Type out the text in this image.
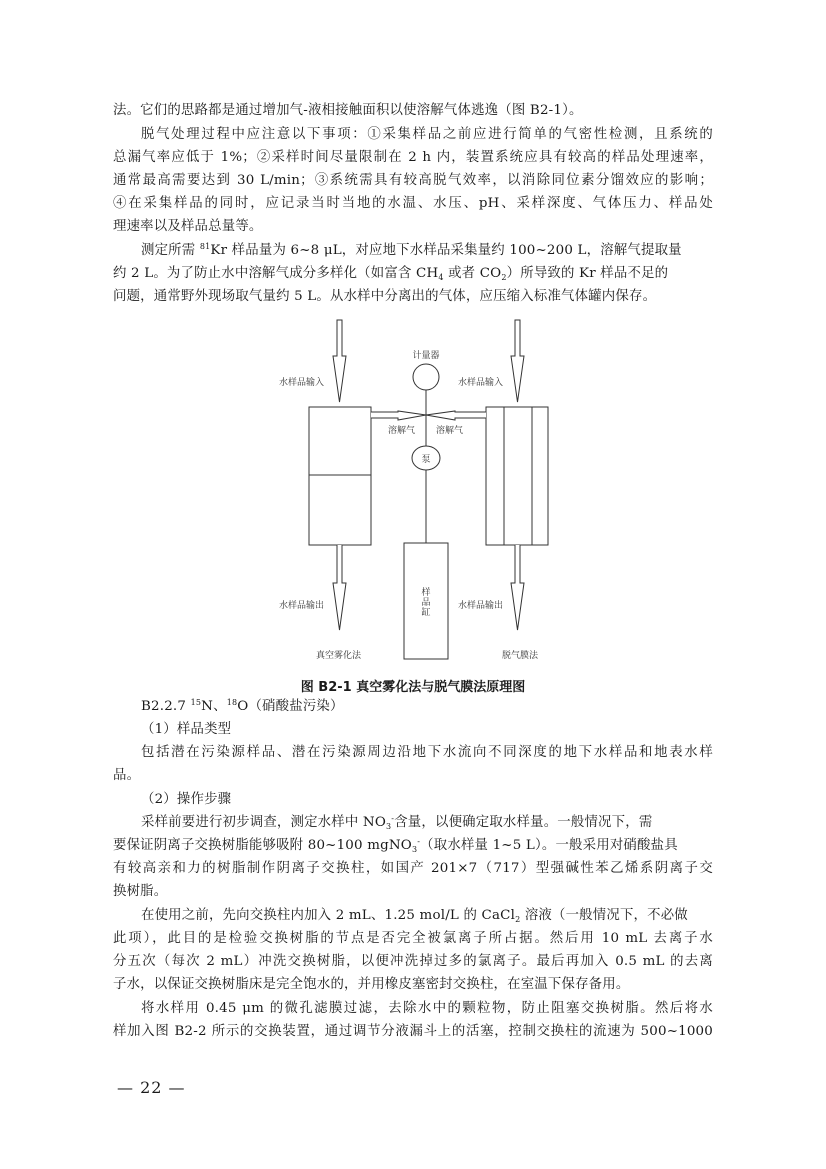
法。它们的思路都是通过增加气-液相接触面积以使溶解气体逃逸（图 B2-1）。
脱气处理过程中应注意以下事项：①采集样品之前应进行简单的气密性检测，且系统的
总漏气率应低于 1%；②采样时间尽量限制在 2 h 内，装置系统应具有较高的样品处理速率，
通常最高需要达到 30 L/min；③系统需具有较高脱气效率，以消除同位素分馏效应的影响；
④在采集样品的同时，应记录当时当地的水温、水压、pH、采样深度、气体压力、样品处
理速率以及样品总量等。
测定所需 $^{81}$Kr 样品量为 6~8 μL，对应地下水样品采集量约 100~200 L，溶解气提取量
约 2 L。为了防止水中溶解气成分多样化（如富含 $CH_4$ 或者 $CO_2$）所导致的 Kr 样品不足的
问题，通常野外现场取气量约 5 L。从水样中分离出的气体，应压缩入标准气体罐内保存。
计量器
水样品输入	水样品输入
溶解气 溶解气
泵
水样品输出	水样品输出
样
品
缸
真空雾化法	脱气膜法
图 B2-1 真空雾化法与脱气膜法原理图
B2.2.7 $^{15}$N、$^{18}$O（硝酸盐污染）
（1）样品类型
包括潜在污染源样品、潜在污染源周边沿地下水流向不同深度的地下水样品和地表水样
品。
（2）操作步骤
采样前要进行初步调查，测定水样中 $NO_3^-$含量，以便确定取水样量。一般情况下，需
要保证阴离子交换树脂能够吸附 80~100 mgNO$_3$-（取水样量 1~5 L）。一般采用对硝酸盐具
有较高亲和力的树脂制作阴离子交换柱，如国产 201×7（717）型强碱性苯乙烯系阴离子交
换树脂。
在使用之前，先向交换柱内加入 2 mL、1.25 mol/L 的 CaCl$_2$ 溶液（一般情况下，不必做
此项），此目的是检验交换树脂的节点是否完全被氯离子所占据。然后用 10 mL 去离子水
分五次（每次 2 mL）冲洗交换树脂，以便冲洗掉过多的氯离子。最后再加入 0.5 mL 的去离
子水，以保证交换树脂床是完全饱水的，并用橡皮塞密封交换柱，在室温下保存备用。
将水样用 0.45 μm 的微孔滤膜过滤，去除水中的颗粒物，防止阻塞交换树脂。然后将水
样加入图 B2-2 所示的交换装置，通过调节分液漏斗上的活塞，控制交换柱的流速为 500~1000
— 22 —
